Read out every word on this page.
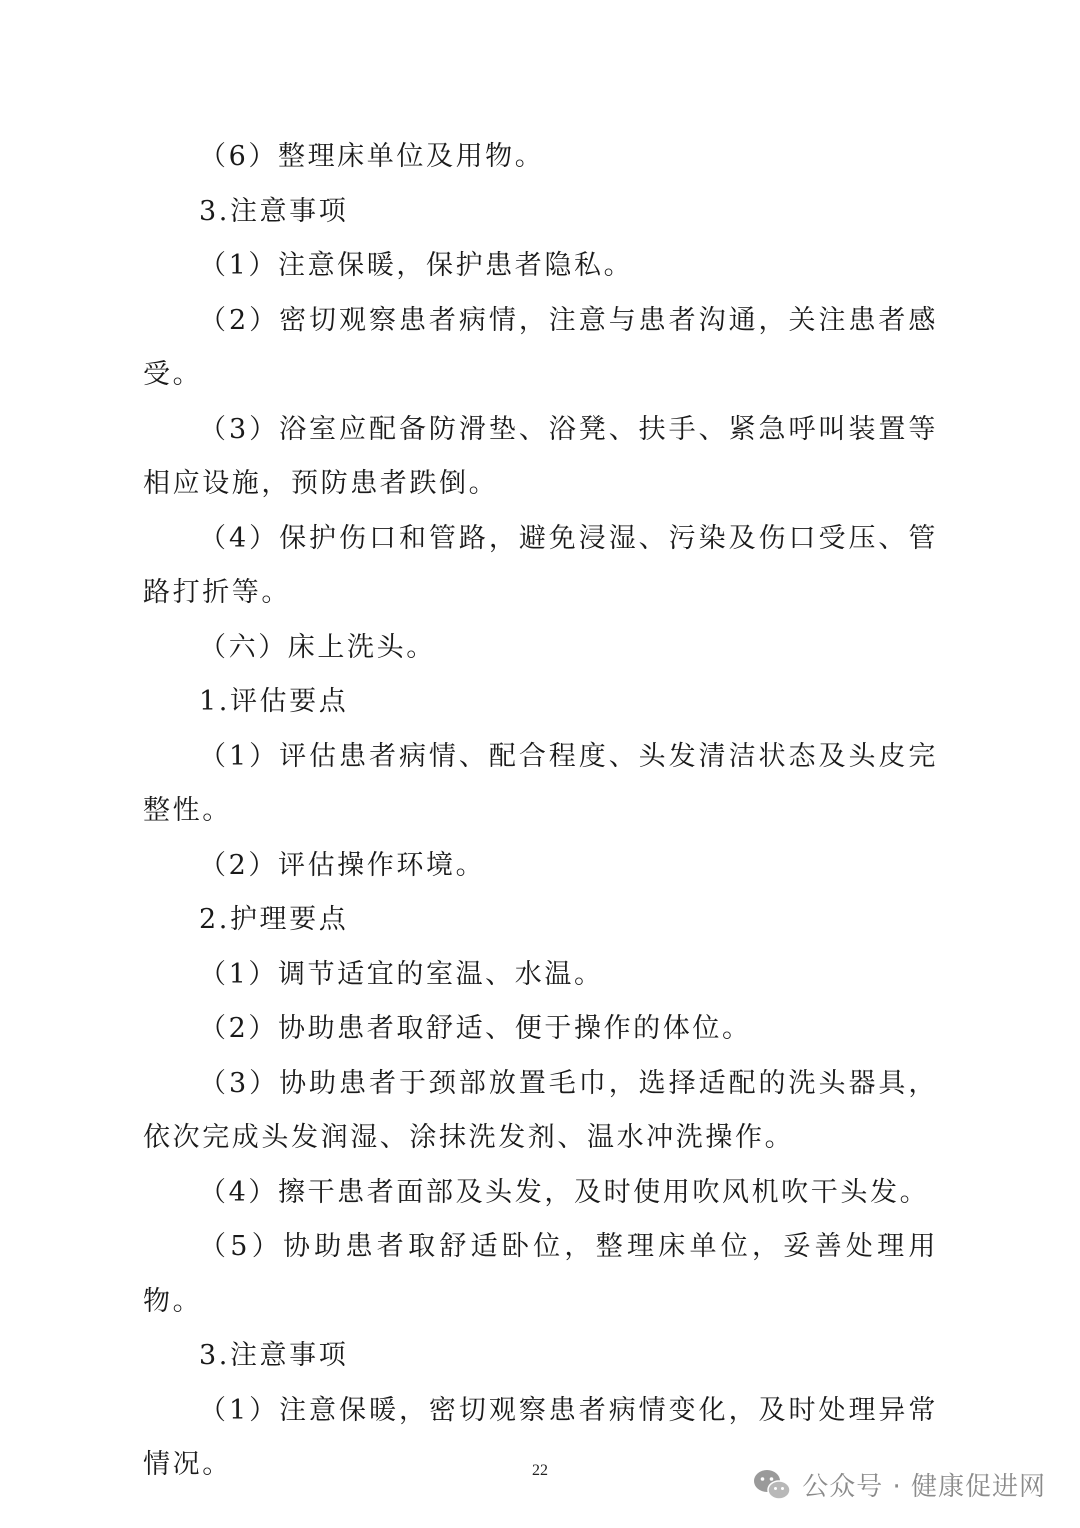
（6）整理床单位及用物。

3.注意事项

（1）注意保暖，保护患者隐私。

（2）密切观察患者病情，注意与患者沟通，关注患者感受。

（3）浴室应配备防滑垫、浴凳、扶手、紧急呼叫装置等相应设施，预防患者跌倒。

（4）保护伤口和管路，避免浸湿、污染及伤口受压、管路打折等。

（六）床上洗头。

1.评估要点

（1）评估患者病情、配合程度、头发清洁状态及头皮完整性。

（2）评估操作环境。

2.护理要点

（1）调节适宜的室温、水温。

（2）协助患者取舒适、便于操作的体位。

（3）协助患者于颈部放置毛巾，选择适配的洗头器具，依次完成头发润湿、涂抹洗发剂、温水冲洗操作。

（4）擦干患者面部及头发，及时使用吹风机吹干头发。

（5）协助患者取舒适卧位，整理床单位，妥善处理用物。

3.注意事项

（1）注意保暖，密切观察患者病情变化，及时处理异常情况。	22
公众号 · 健康促进网
